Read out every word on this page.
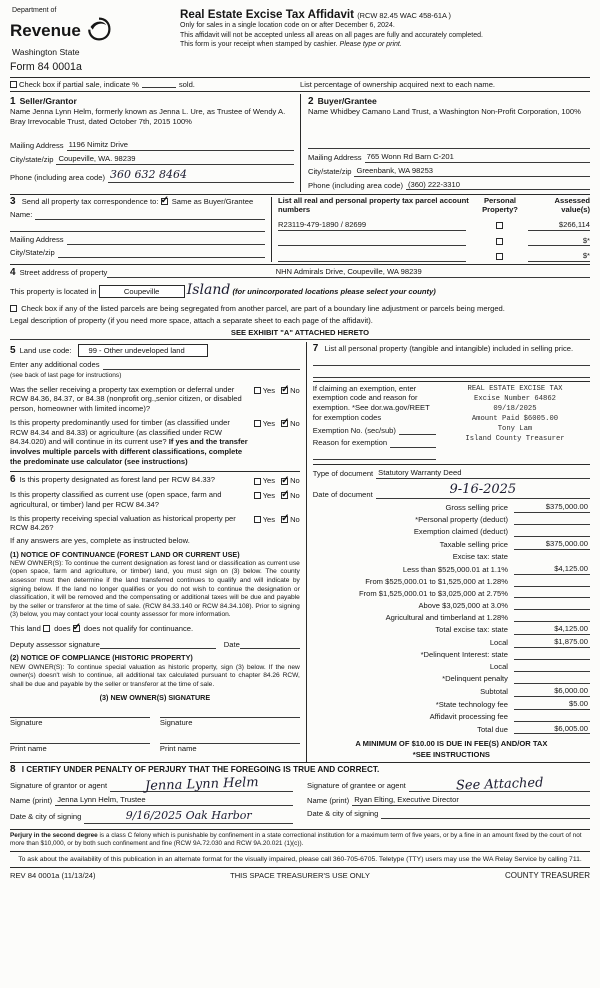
Department of
Revenue
Washington State
Real Estate Excise Tax Affidavit (RCW 82.45 WAC 458-61A )
Only for sales in a single location code on or after December 6, 2024.
This affidavit will not be accepted unless all areas on all pages are fully and accurately completed.
This form is your receipt when stamped by cashier. Please type or print.
Form 84 0001a
Check box if partial sale, indicate %	sold.	List percentage of ownership acquired next to each name.
1 Seller/Grantor
Name Jenna Lynn Helm, formerly known as Jenna L. Ure, as Trustee of Wendy A. Bray Irrevocable Trust, dated October 7th, 2015 100%
Mailing Address 1196 Nimitz Drive
City/state/zip Coupeville, WA. 98239
Phone (including area code) 360 632 8464
2 Buyer/Grantee
Name Whidbey Camano Land Trust, a Washington Non-Profit Corporation, 100%
Mailing Address 765 Wonn Rd Barn C-201
City/state/zip Greenbank, WA 98253
Phone (including area code) (360) 222-3310
3 Send all property tax correspondence to: ✓ Same as Buyer/Grantee
Name:
Mailing Address
City/State/zip
List all real and personal property tax parcel account numbers
Personal Property?
Assessed value(s)
R23119-479-1890 / 82699	$266,114
$*
$*
4 Street address of property	NHN Admirals Drive, Coupeville, WA 98239
This property is located in	Coupeville Island (for unincorporated locations please select your county)
Check box if any of the listed parcels are being segregated from another parcel, are part of a boundary line adjustment or parcels being merged.
Legal description of property (if you need more space, attach a separate sheet to each page of the affidavit).
SEE EXHIBIT "A" ATTACHED HERETO
5 Land use code:	99 - Other undeveloped land
Enter any additional codes
(see back of last page for instructions)
Was the seller receiving a property tax exemption or deferral under RCW 84.36, 84.37, or 84.38 (nonprofit org.,senior citizen, or disabled person, homeowner with limited income)?
Yes ✓ No
Is this property predominantly used for timber (as classified under RCW 84.34 and 84.33) or agriculture (as classified under RCW 84.34.020) and will continue in its current use? If yes and the transfer involves multiple parcels with different classifications, complete the predominate use calculator (see instructions)
Yes ✓ No
6 Is this property designated as forest land per RCW 84.33?	Yes ✓ No
Is this property classified as current use (open space, farm and agricultural, or timber) land per RCW 84.34?
Yes ✓ No
Is this property receiving special valuation as historical property per RCW 84.26?
Yes ✓ No
If any answers are yes, complete as instructed below.
(1) NOTICE OF CONTINUANCE (FOREST LAND OR CURRENT USE)
NEW OWNER(S): To continue the current designation as forest land or classification as current use (open space, farm and agriculture, or timber) land, you must sign on (3) below. The county assessor must then determine if the land transferred continues to qualify and will indicate by signing below. If the land no longer qualifies or you do not wish to continue the designation or classification, it will be removed and the compensating or additional taxes will be due and payable by the seller or transferor at the time of sale. (RCW 84.33.140 or RCW 84.34.108). Prior to signing (3) below, you may contact your local county assessor for more information.
This land does ✓ does not qualify for continuance.
Deputy assessor signature	Date
(2) NOTICE OF COMPLIANCE (HISTORIC PROPERTY)
NEW OWNER(S): To continue special valuation as historic property, sign (3) below. If the new owner(s) doesn't wish to continue, all additional tax calculated pursuant to chapter 84.26 RCW, shall be due and payable by the seller or transferor at the time of sale.
(3) NEW OWNER(S) SIGNATURE
Signature	Signature
Print name	Print name
7 List all personal property (tangible and intangible) included in selling price.
If claiming an exemption, enter exemption code and reason for exemption. *See dor.wa.gov/REET for exemption codes
Exemption No. (sec/sub)
Reason for exemption
REAL ESTATE EXCISE TAX
Excise Number 64862
09/18/2025
Amount Paid $6005.00
Tony Lam
Island County Treasurer
Type of document Statutory Warranty Deed
Date of document	9-16-2025
Gross selling price	$375,000.00
*Personal property (deduct)
Exemption claimed (deduct)
Taxable selling price	$375,000.00
Excise tax: state
Less than $525,000.01 at 1.1%	$4,125.00
From $525,000.01 to $1,525,000 at 1.28%
From $1,525,000.01 to $3,025,000 at 2.75%
Above $3,025,000 at 3.0%
Agricultural and timberland at 1.28%
Total excise tax: state	$4,125.00
Local	$1,875.00
*Delinquent Interest: state
Local
*Delinquent penalty
Subtotal	$6,000.00
*State technology fee	$5.00
Affidavit processing fee
Total due	$6,005.00
A MINIMUM OF $10.00 IS DUE IN FEE(S) AND/OR TAX
*SEE INSTRUCTIONS
8 I CERTIFY UNDER PENALTY OF PERJURY THAT THE FOREGOING IS TRUE AND CORRECT.
Signature of grantor or agent	Jenna Lynn Helm
Name (print) Jenna Lynn Helm, Trustee
Date & city of signing	9/16/2025 Oak Harbor
Signature of grantee or agent	See Attached
Name (print) Ryan Elting, Executive Director
Date & city of signing
Perjury in the second degree is a class C felony which is punishable by confinement in a state correctional institution for a maximum term of five years, or by a fine in an amount fixed by the court of not more than $10,000, or by both such confinement and fine (RCW 9A.72.030 and RCW 9A.20.021 (1)(c)).
To ask about the availability of this publication in an alternate format for the visually impaired, please call 360-705-6705. Teletype (TTY) users may use the WA Relay Service by calling 711.
REV 84 0001a (11/13/24)	THIS SPACE TREASURER'S USE ONLY	COUNTY TREASURER
